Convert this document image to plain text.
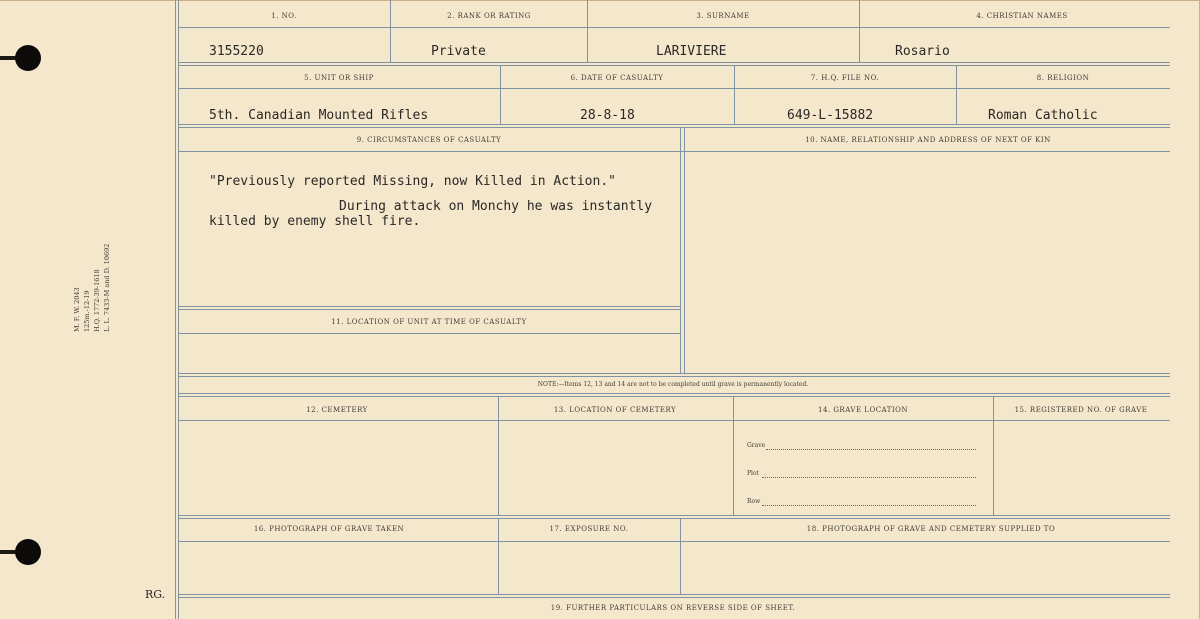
M. F. W. 2043 125m.-12-19 H.Q. 1772-39-1618 L. L. 7433-M and D. 10692
1. NO.	2. RANK OR RATING	3. SURNAME	4. CHRISTIAN NAMES
3155220	Private	LARIVIERE	Rosario
5. UNIT OR SHIP	6. DATE OF CASUALTY	7. H.Q. FILE NO.	8. RELIGION
5th. Canadian Mounted Rifles	28-8-18	649-L-15882	Roman Catholic
9. CIRCUMSTANCES OF CASUALTY	10. NAME, RELATIONSHIP AND ADDRESS OF NEXT OF KIN
"Previously reported Missing, now Killed in Action."
During attack on Monchy he was instantly
killed by enemy shell fire.
11. LOCATION OF UNIT AT TIME OF CASUALTY
NOTE:—Items 12, 13 and 14 are not to be completed until grave is permanently located.
12. CEMETERY	13. LOCATION OF CEMETERY	14. GRAVE LOCATION	15. REGISTERED NO. OF GRAVE
Grave
Plot
Row
16. PHOTOGRAPH OF GRAVE TAKEN	17. EXPOSURE NO.	18. PHOTOGRAPH OF GRAVE AND CEMETERY SUPPLIED TO
19. FURTHER PARTICULARS ON REVERSE SIDE OF SHEET.
RG.
